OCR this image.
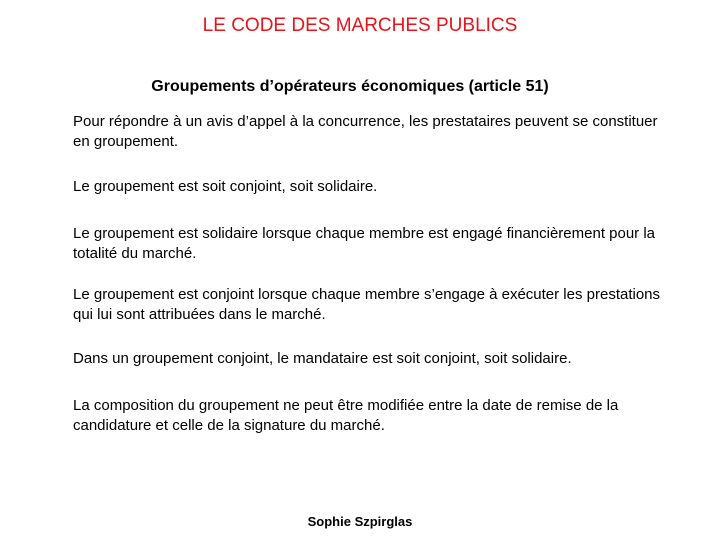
LE CODE DES MARCHES PUBLICS
Groupements d’opérateurs économiques (article 51)

Pour répondre à un avis d’appel à la concurrence, les prestataires peuvent se constituer en groupement.

Le groupement est soit conjoint, soit solidaire.

Le groupement est solidaire lorsque chaque membre est engagé financièrement pour la totalité du marché.

Le groupement est conjoint lorsque chaque membre s’engage à exécuter les prestations qui lui sont attribuées dans le marché.

Dans un groupement conjoint, le mandataire est soit conjoint, soit solidaire.

La composition du groupement ne peut être modifiée entre la date de remise de la candidature et celle de la signature du marché.

Sophie Szpirglas
